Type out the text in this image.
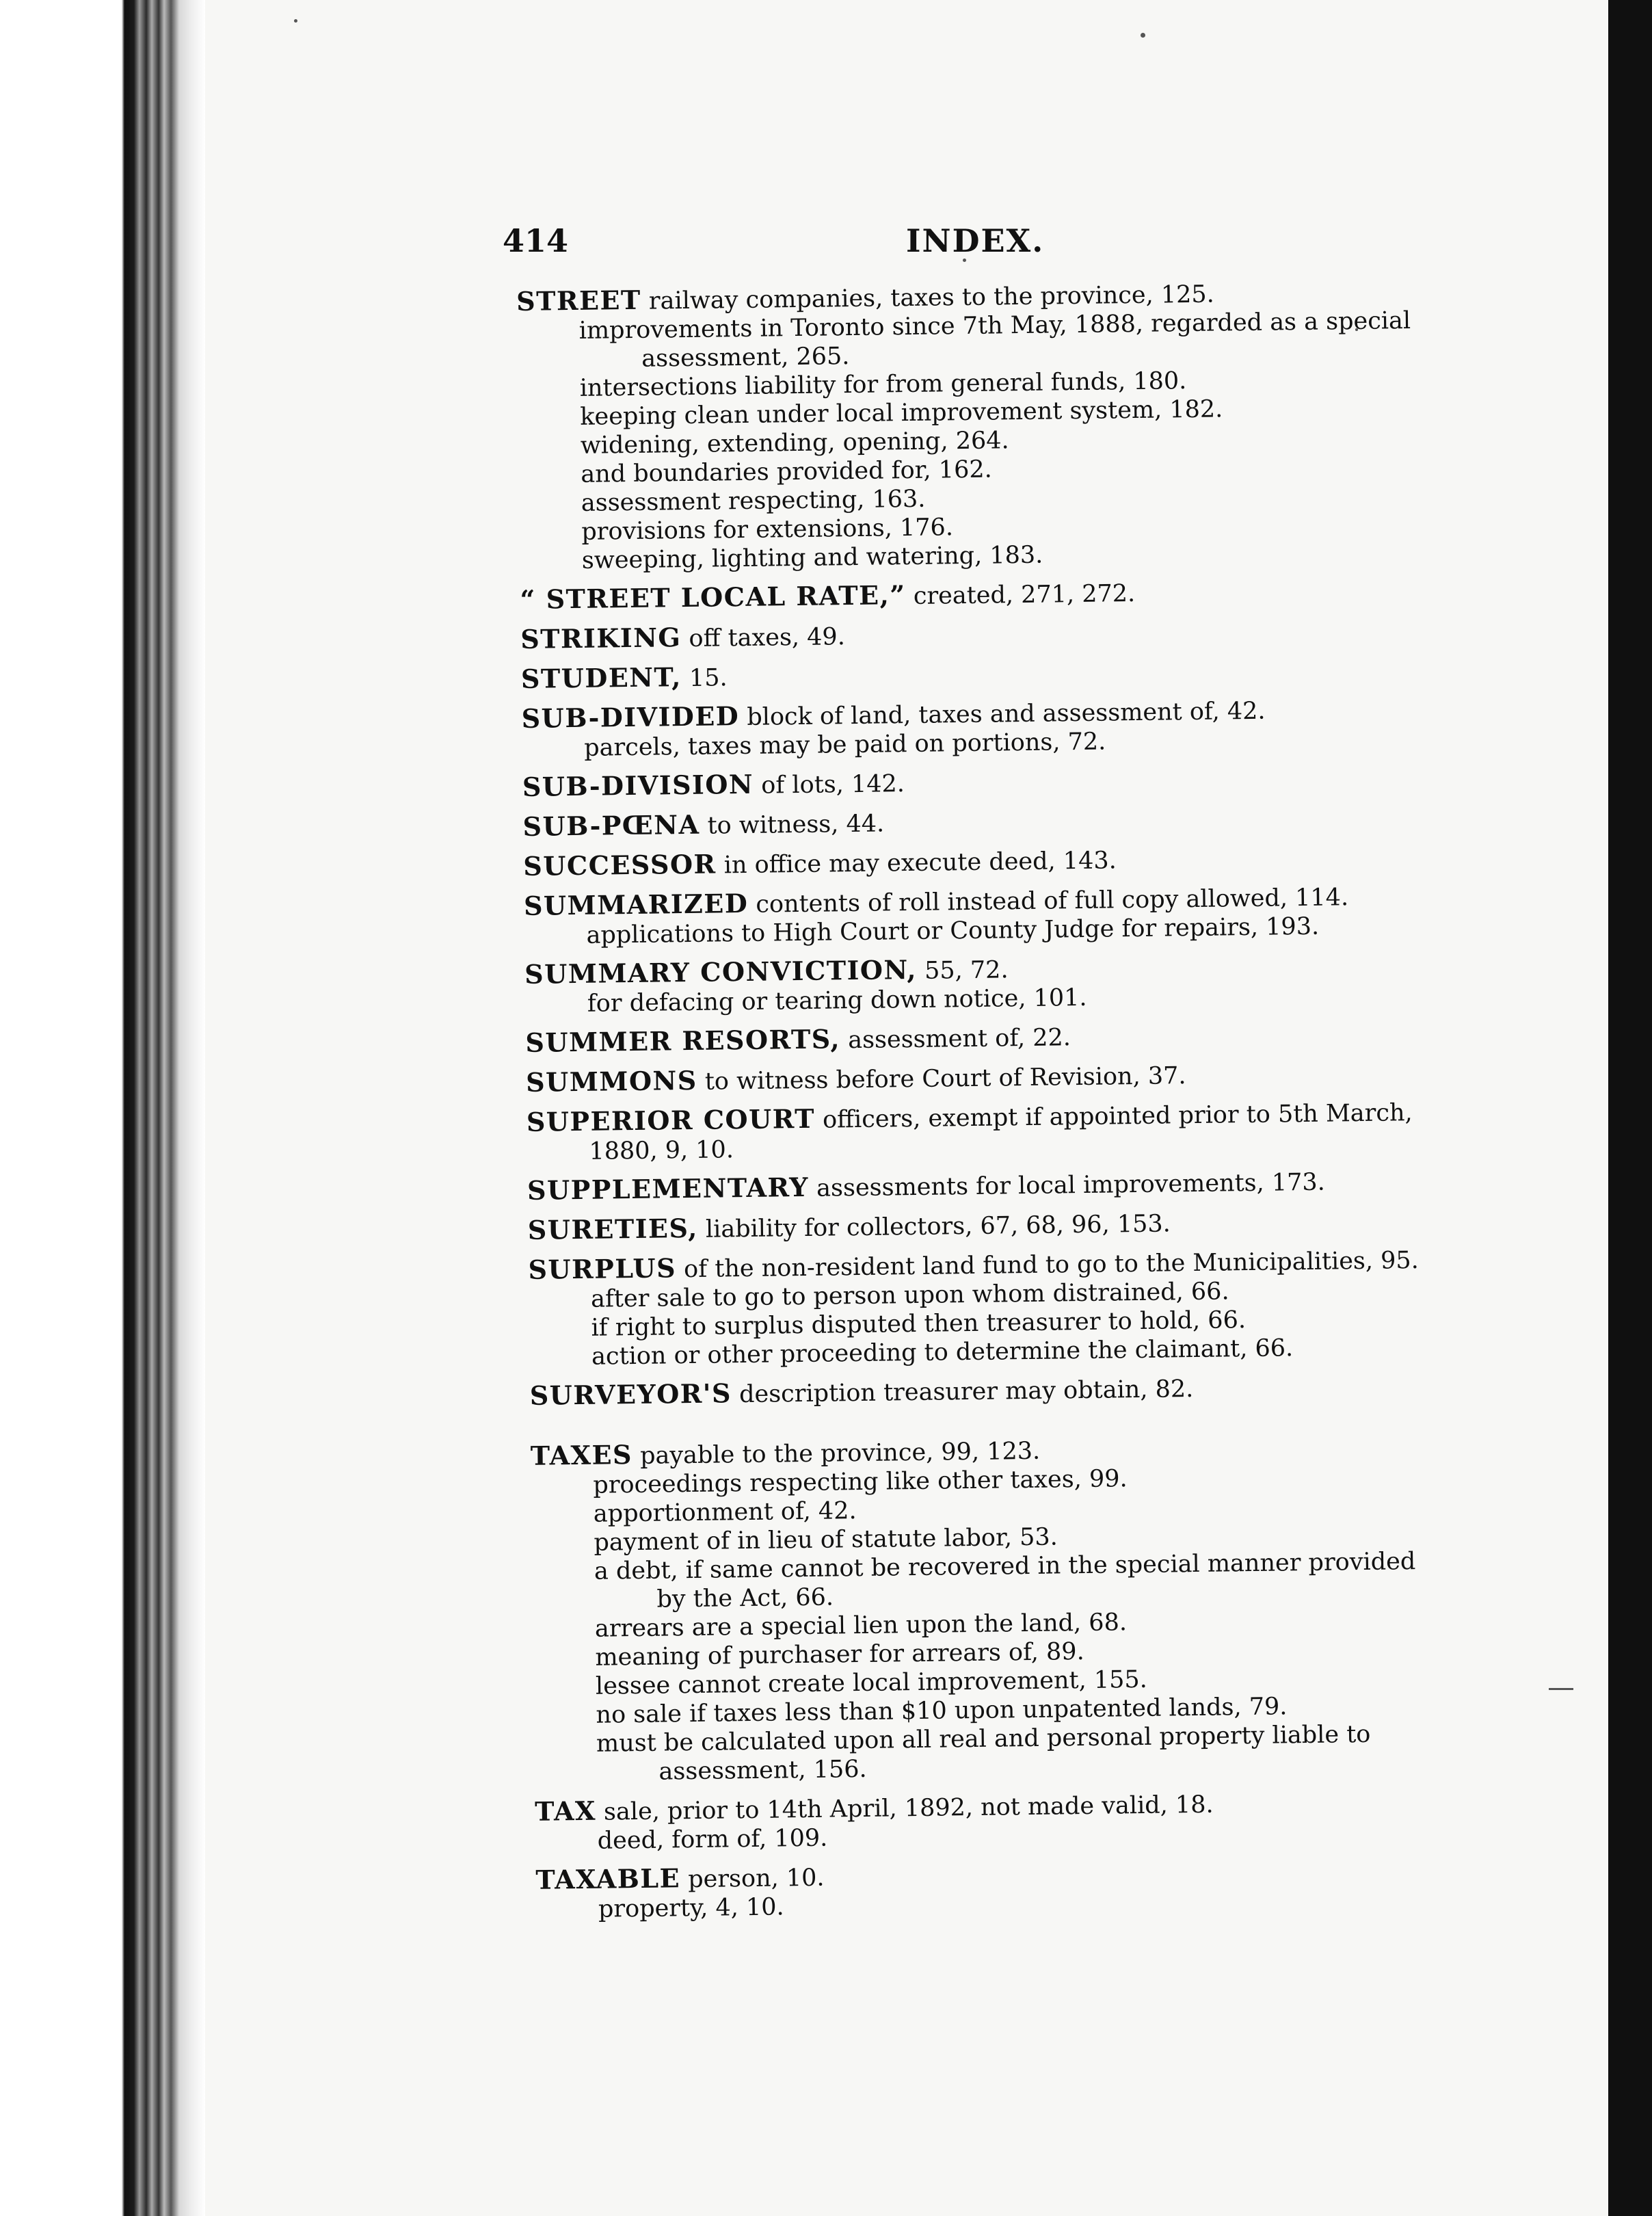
414	INDEX.
STREET railway companies, taxes to the province, 125.
improvements in Toronto since 7th May, 1888, regarded as a special assessment, 265.
intersections liability for from general funds, 180.
keeping clean under local improvement system, 182.
widening, extending, opening, 264.
and boundaries provided for, 162.
assessment respecting, 163.
provisions for extensions, 176.
sweeping, lighting and watering, 183.
“ STREET LOCAL RATE,” created, 271, 272.
STRIKING off taxes, 49.
STUDENT, 15.
SUB-DIVIDED block of land, taxes and assessment of, 42.
parcels, taxes may be paid on portions, 72.
SUB-DIVISION of lots, 142.
SUB-PŒNA to witness, 44.
SUCCESSOR in office may execute deed, 143.
SUMMARIZED contents of roll instead of full copy allowed, 114.
applications to High Court or County Judge for repairs, 193.
SUMMARY CONVICTION, 55, 72.
for defacing or tearing down notice, 101.
SUMMER RESORTS, assessment of, 22.
SUMMONS to witness before Court of Revision, 37.
SUPERIOR COURT officers, exempt if appointed prior to 5th March, 1880, 9, 10.
SUPPLEMENTARY assessments for local improvements, 173.
SURETIES, liability for collectors, 67, 68, 96, 153.
SURPLUS of the non-resident land fund to go to the Municipalities, 95.
after sale to go to person upon whom distrained, 66.
if right to surplus disputed then treasurer to hold, 66.
action or other proceeding to determine the claimant, 66.
SURVEYOR'S description treasurer may obtain, 82.
TAXES payable to the province, 99, 123.
proceedings respecting like other taxes, 99.
apportionment of, 42.
payment of in lieu of statute labor, 53.
a debt, if same cannot be recovered in the special manner provided by the Act, 66.
arrears are a special lien upon the land, 68.
meaning of purchaser for arrears of, 89.
lessee cannot create local improvement, 155.
no sale if taxes less than $10 upon unpatented lands, 79.
must be calculated upon all real and personal property liable to assessment, 156.
TAX sale, prior to 14th April, 1892, not made valid, 18.
deed, form of, 109.
TAXABLE person, 10.
property, 4, 10.
